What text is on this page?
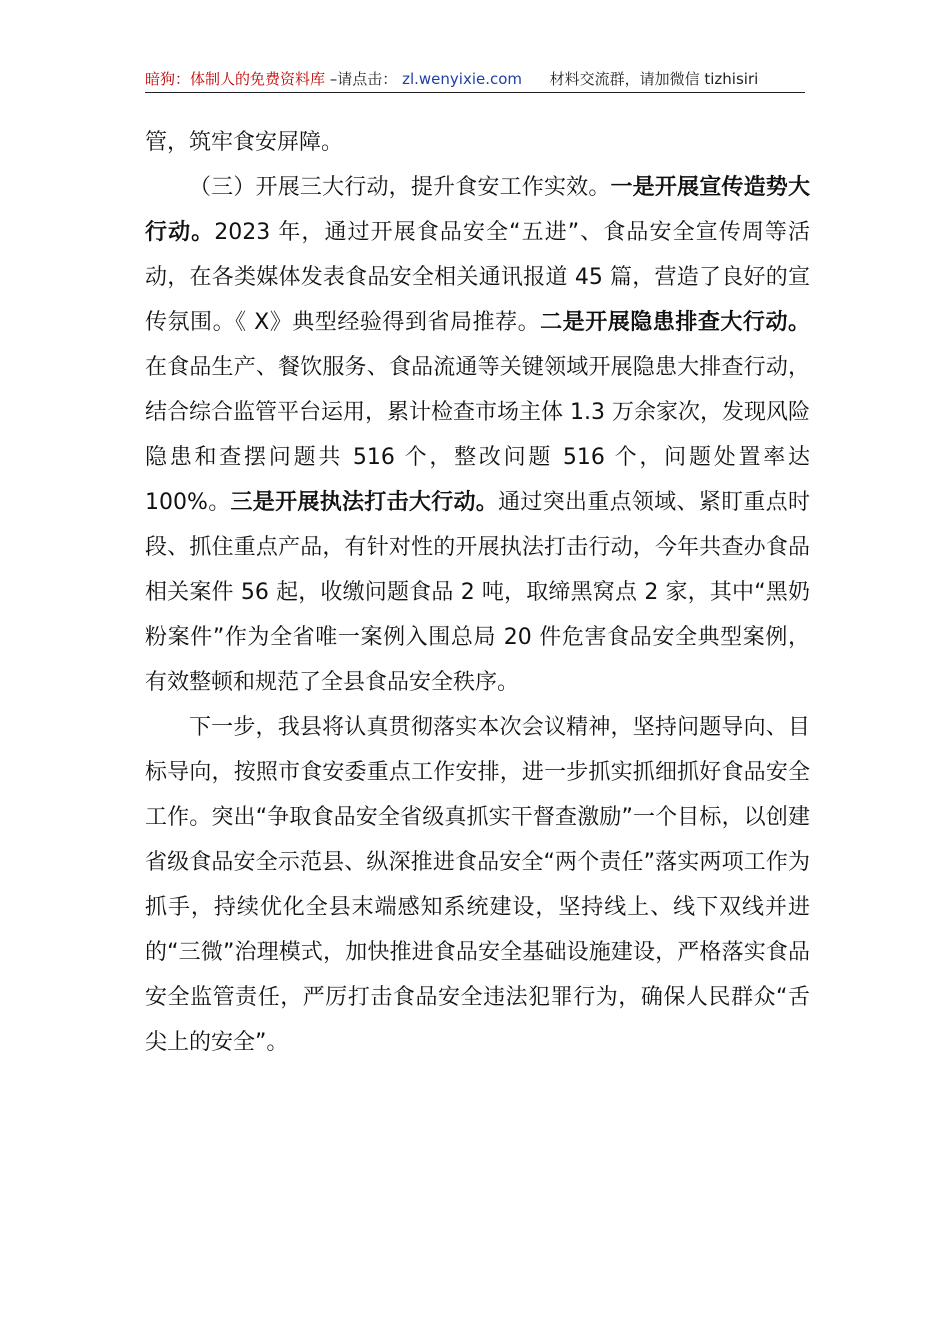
暗狗：体制人的免费资料库 –请点击： zl.wenyixie.com 材料交流群，请加微信 tizhisiri

管，筑牢食安屏障。

（三）开展三大行动，提升食安工作实效。一是开展宣传造势大行动。2023 年，通过开展食品安全“五进”、食品安全宣传周等活动，在各类媒体发表食品安全相关通讯报道 45 篇，营造了良好的宣传氛围。《 X》典型经验得到省局推荐。二是开展隐患排查大行动。在食品生产、餐饮服务、食品流通等关键领域开展隐患大排查行动，结合综合监管平台运用，累计检查市场主体 1.3 万余家次，发现风险隐患和查摆问题共 516 个，整改问题 516 个，问题处置率达 100%。三是开展执法打击大行动。通过突出重点领域、紧盯重点时段、抓住重点产品，有针对性的开展执法打击行动，今年共查办食品相关案件 56 起，收缴问题食品 2 吨，取缔黑窝点 2 家，其中“黑奶粉案件”作为全省唯一案例入围总局 20 件危害食品安全典型案例，有效整顿和规范了全县食品安全秩序。

下一步，我县将认真贯彻落实本次会议精神，坚持问题导向、目标导向，按照市食安委重点工作安排，进一步抓实抓细抓好食品安全工作。突出“争取食品安全省级真抓实干督查激励”一个目标，以创建省级食品安全示范县、纵深推进食品安全“两个责任”落实两项工作为抓手，持续优化全县末端感知系统建设，坚持线上、线下双线并进的“三微”治理模式，加快推进食品安全基础设施建设，严格落实食品安全监管责任，严厉打击食品安全违法犯罪行为，确保人民群众“舌尖上的安全”。
